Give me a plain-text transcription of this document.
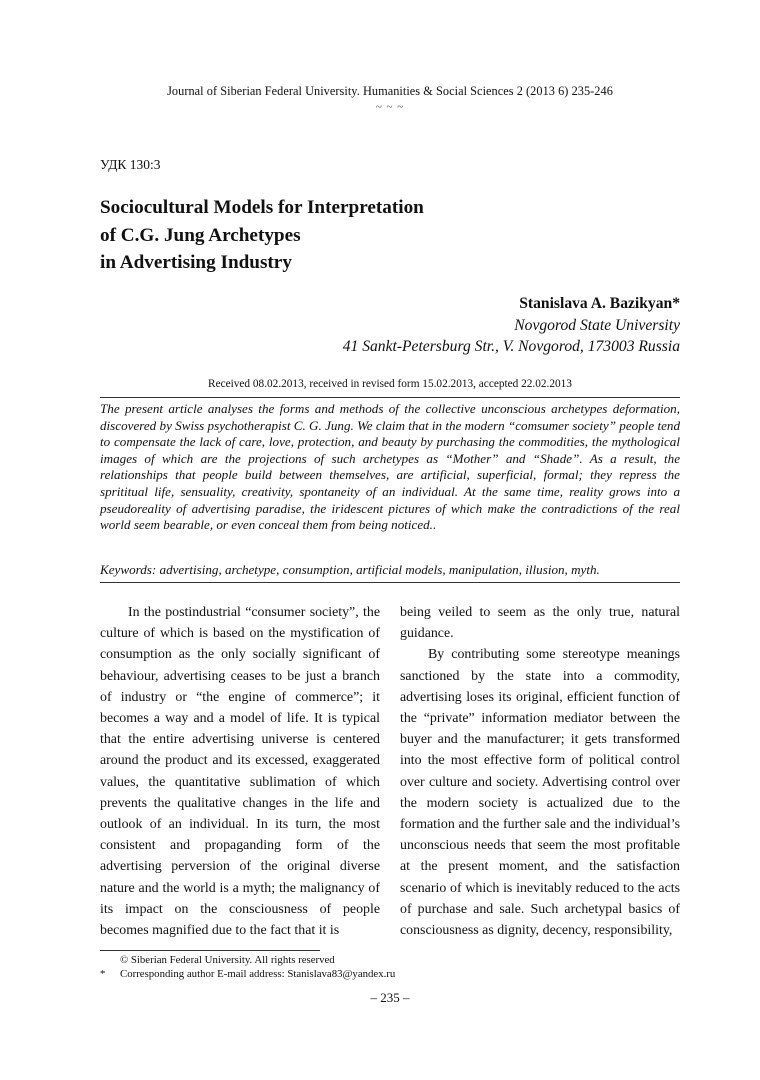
Journal of Siberian Federal University. Humanities & Social Sciences 2 (2013 6) 235-246
~ ~ ~
УДК 130:3
Sociocultural Models for Interpretation
of C.G. Jung Archetypes
in Advertising Industry
Stanislava A. Bazikyan*
Novgorod State University
41 Sankt-Petersburg Str., V. Novgorod, 173003 Russia
Received 08.02.2013, received in revised form 15.02.2013, accepted 22.02.2013

The present article analyses the forms and methods of the collective unconscious archetypes deformation, discovered by Swiss psychotherapist C. G. Jung. We claim that in the modern “comsumer society” people tend to compensate the lack of care, love, protection, and beauty by purchasing the commodities, the mythological images of which are the projections of such archetypes as “Mother” and “Shade”. As a result, the relationships that people build between themselves, are artificial, superficial, formal; they repress the sprititual life, sensuality, creativity, spontaneity of an individual. At the same time, reality grows into a pseudoreality of advertising paradise, the iridescent pictures of which make the contradictions of the real world seem bearable, or even conceal them from being noticed..

Keywords: advertising, archetype, consumption, artificial models, manipulation, illusion, myth.

In the postindustrial “consumer society”, the culture of which is based on the mystification of consumption as the only socially significant of behaviour, advertising ceases to be just a branch of industry or “the engine of commerce”; it becomes a way and a model of life. It is typical that the entire advertising universe is centered around the product and its excessed, exaggerated values, the quantitative sublimation of which prevents the qualitative changes in the life and outlook of an individual. In its turn, the most consistent and propaganding form of the advertising perversion of the original diverse nature and the world is a myth; the malignancy of its impact on the consciousness of people becomes magnified due to the fact that it is

being veiled to seem as the only true, natural guidance.

By contributing some stereotype meanings sanctioned by the state into a commodity, advertising loses its original, efficient function of the “private” information mediator between the buyer and the manufacturer; it gets transformed into the most effective form of political control over culture and society. Advertising control over the modern society is actualized due to the formation and the further sale and the individual’s unconscious needs that seem the most profitable at the present moment, and the satisfaction scenario of which is inevitably reduced to the acts of purchase and sale. Such archetypal basics of consciousness as dignity, decency, responsibility,

© Siberian Federal University. All rights reserved
* Corresponding author E-mail address: Stanislava83@yandex.ru
– 235 –
